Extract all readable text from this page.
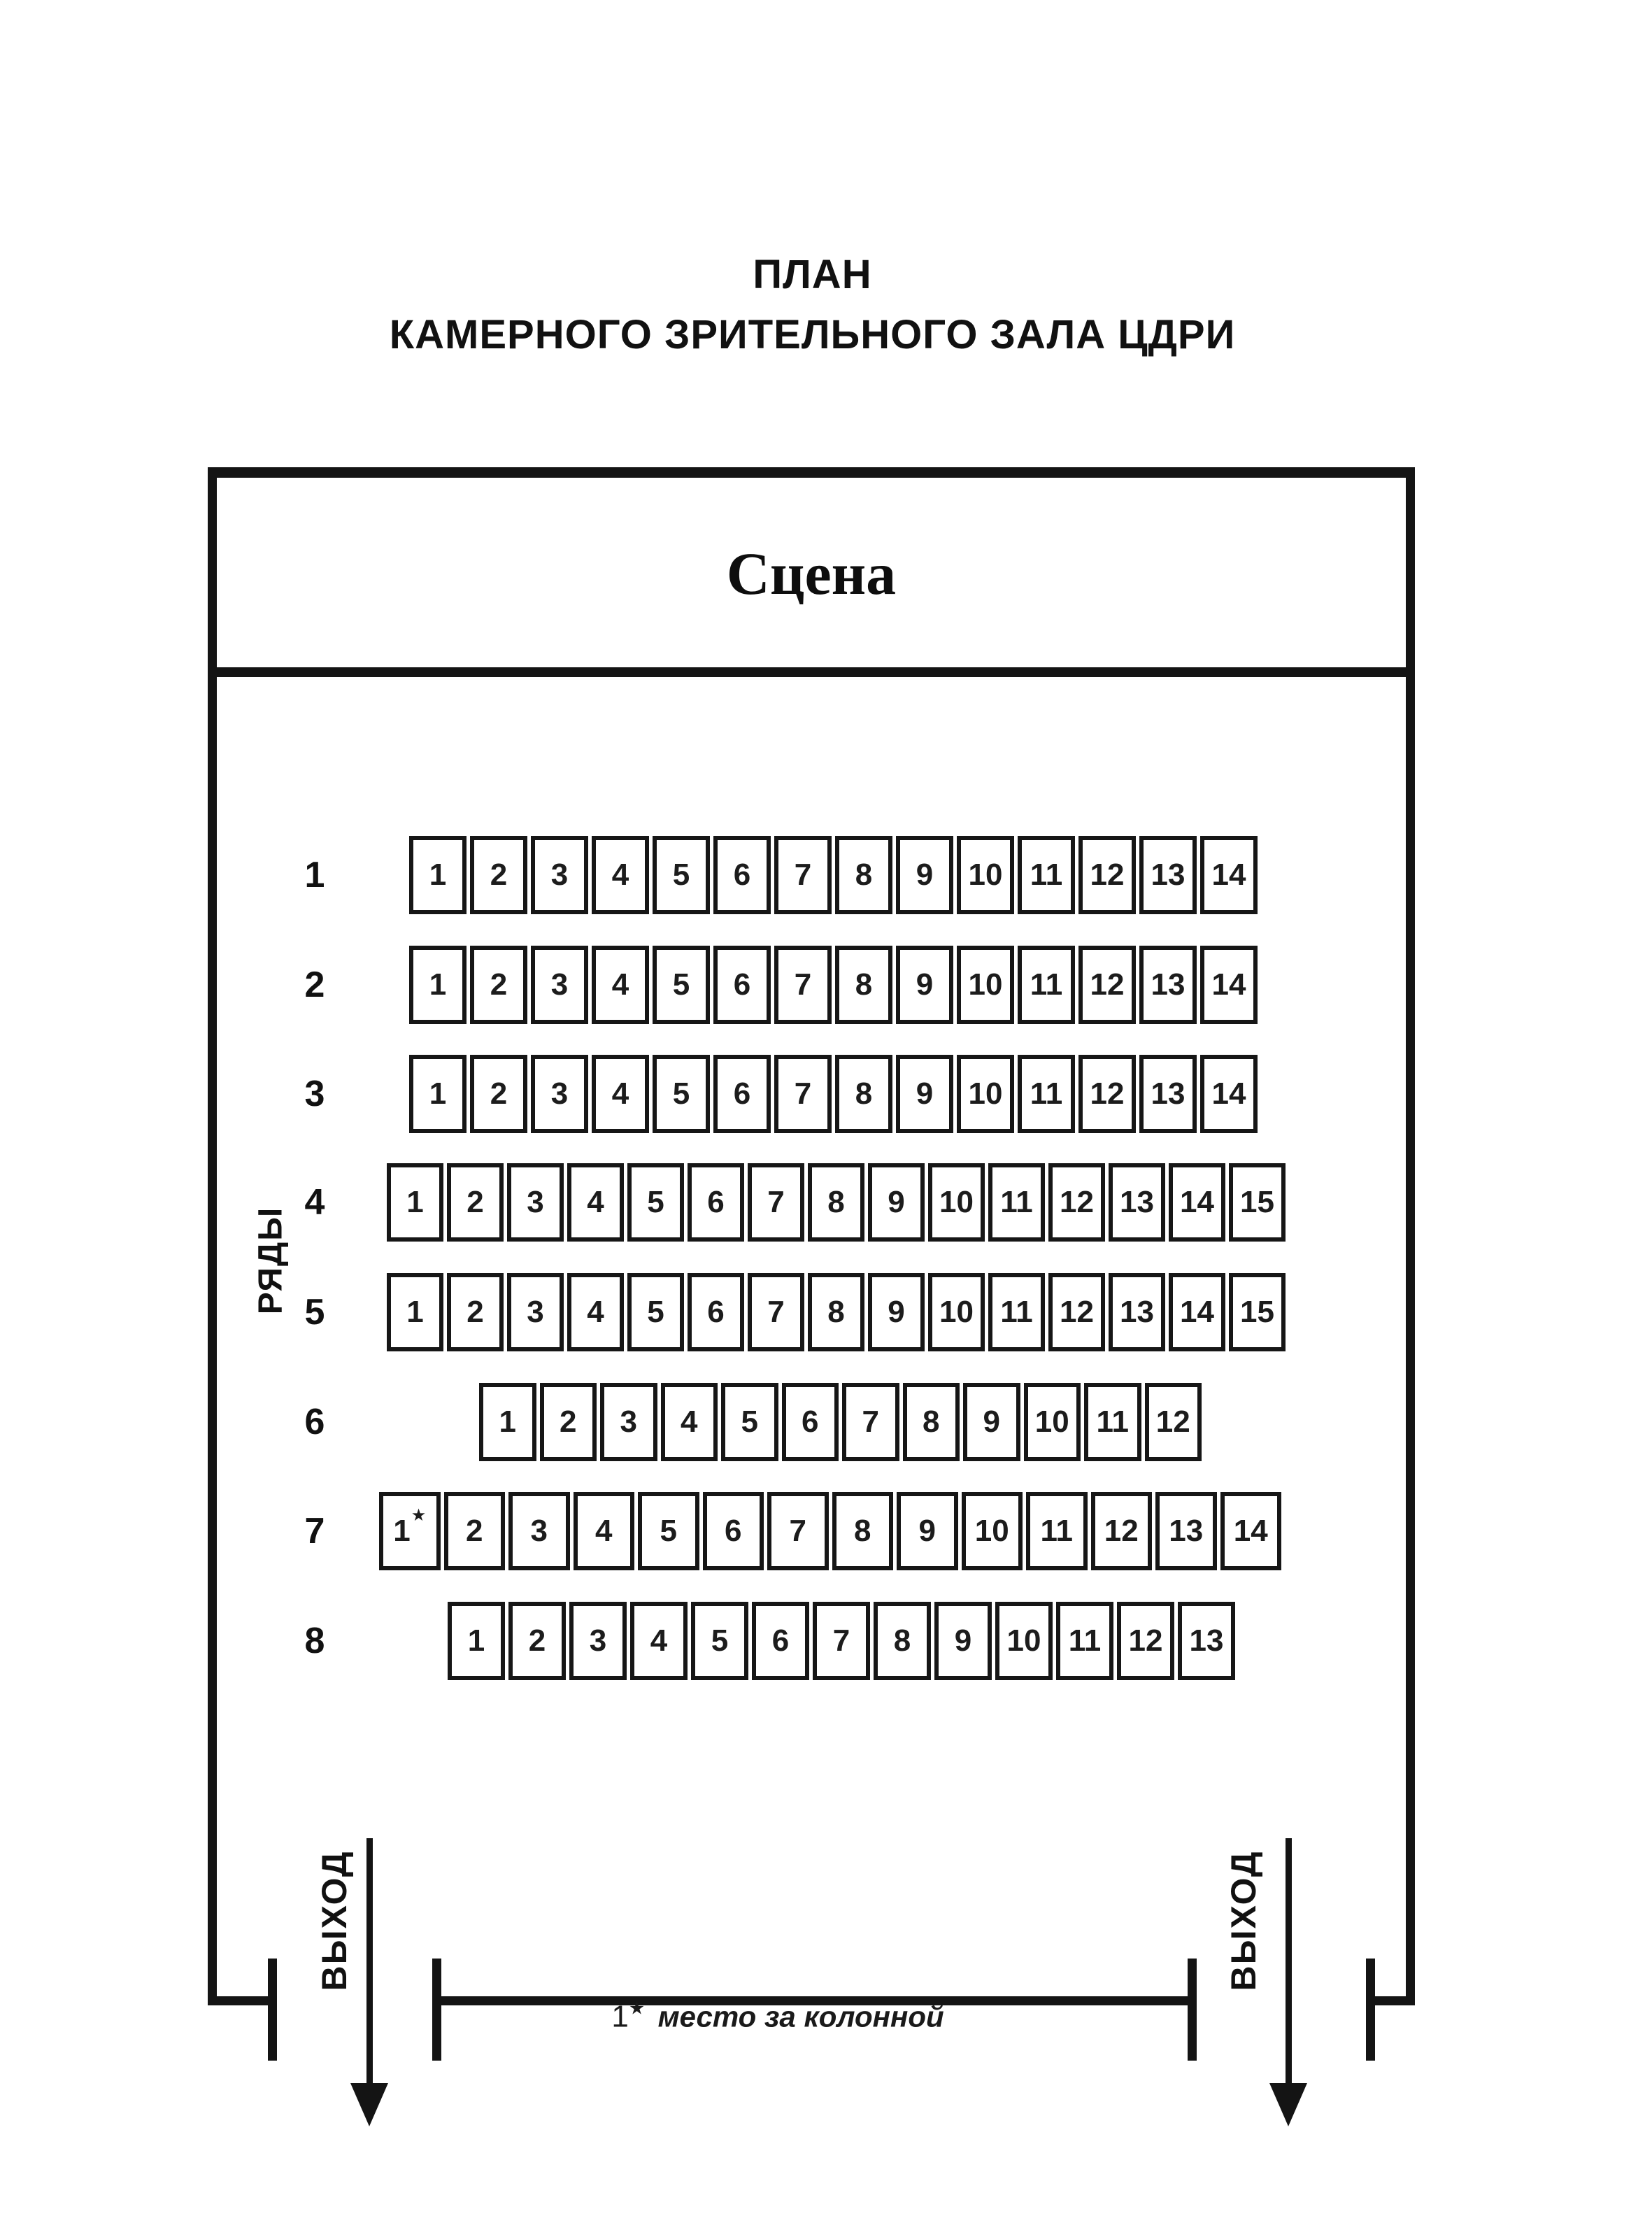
ПЛАН
КАМЕРНОГО ЗРИТЕЛЬНОГО ЗАЛА ЦДРИ
Сцена
1	1 2 3 4 5 6 7 8 9 10 11 12 13 14
2	1 2 3 4 5 6 7 8 9 10 11 12 13 14
3	1 2 3 4 5 6 7 8 9 10 11 12 13 14
4	1 2 3 4 5 6 7 8 9 10 11 12 13 14 15
5	1 2 3 4 5 6 7 8 9 10 11 12 13 14 15
6	1 2 3 4 5 6 7 8 9 10 11 12
7	1 ★ 2 3 4 5 6 7 8 9 10 11 12 13 14
8	1 2 3 4 5 6 7 8 9 10 11 12 13
РЯДЫ
ВЫХОД	ВЫХОД
1★ место за колонной
